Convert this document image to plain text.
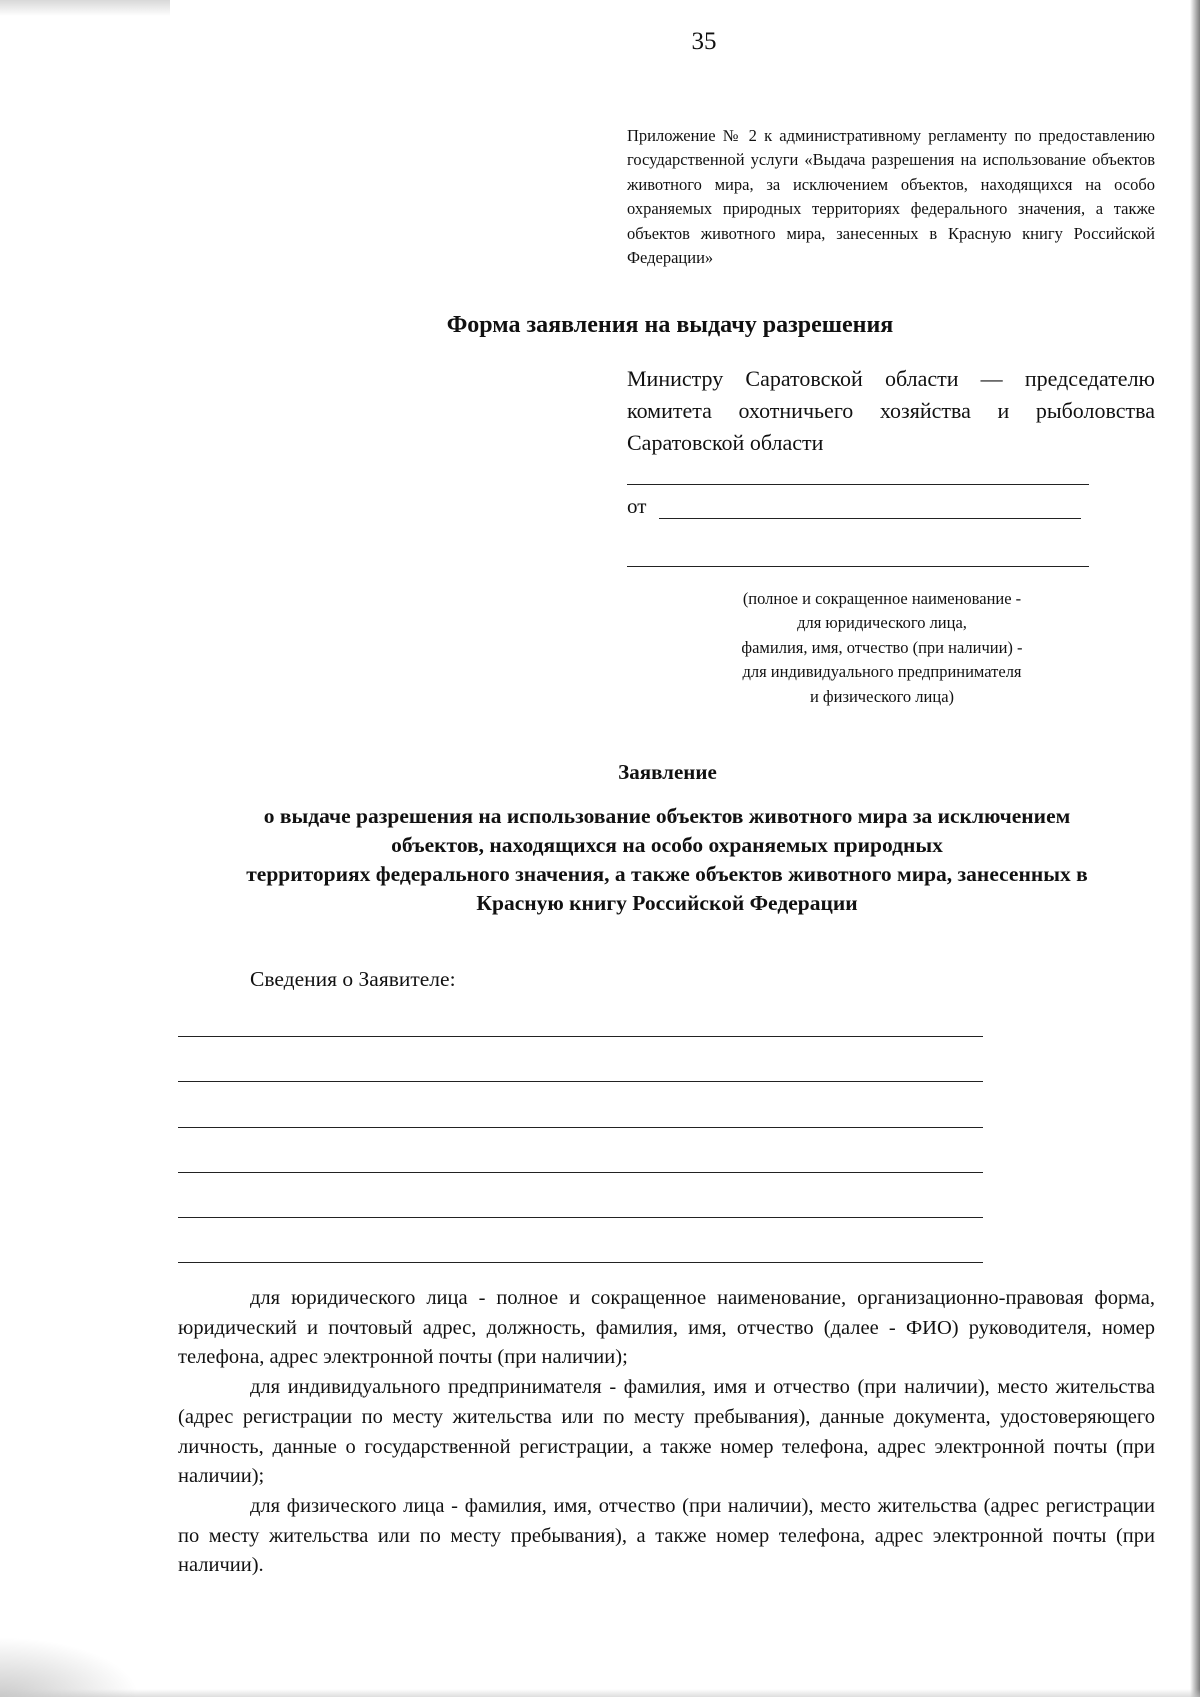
35
Приложение № 2 к административному регламенту по предоставлению государственной услуги «Выдача разрешения на использование объектов животного мира, за исключением объектов, находящихся на особо охраняемых природных территориях федерального значения, а также объектов животного мира, занесенных в Красную книгу Российской Федерации»
Форма заявления на выдачу разрешения
Министру Саратовской области — председателю комитета охотничьего хозяйства и рыболовства Саратовской области
от
(полное и сокращенное наименование -
для юридического лица,
фамилия, имя, отчество (при наличии) -
для индивидуального предпринимателя
и физического лица)
Заявление
о выдаче разрешения на использование объектов животного мира за исключением
объектов, находящихся на особо охраняемых природных
территориях федерального значения, а также объектов животного мира, занесенных в
Красную книгу Российской Федерации
Сведения о Заявителе:

для юридического лица - полное и сокращенное наименование, организационно-правовая форма, юридический и почтовый адрес, должность, фамилия, имя, отчество (далее - ФИО) руководителя, номер телефона, адрес электронной почты (при наличии);

для индивидуального предпринимателя - фамилия, имя и отчество (при наличии), место жительства (адрес регистрации по месту жительства или по месту пребывания), данные документа, удостоверяющего личность, данные о государственной регистрации, а также номер телефона, адрес электронной почты (при наличии);

для физического лица - фамилия, имя, отчество (при наличии), место жительства (адрес регистрации по месту жительства или по месту пребывания), а также номер телефона, адрес электронной почты (при наличии).
